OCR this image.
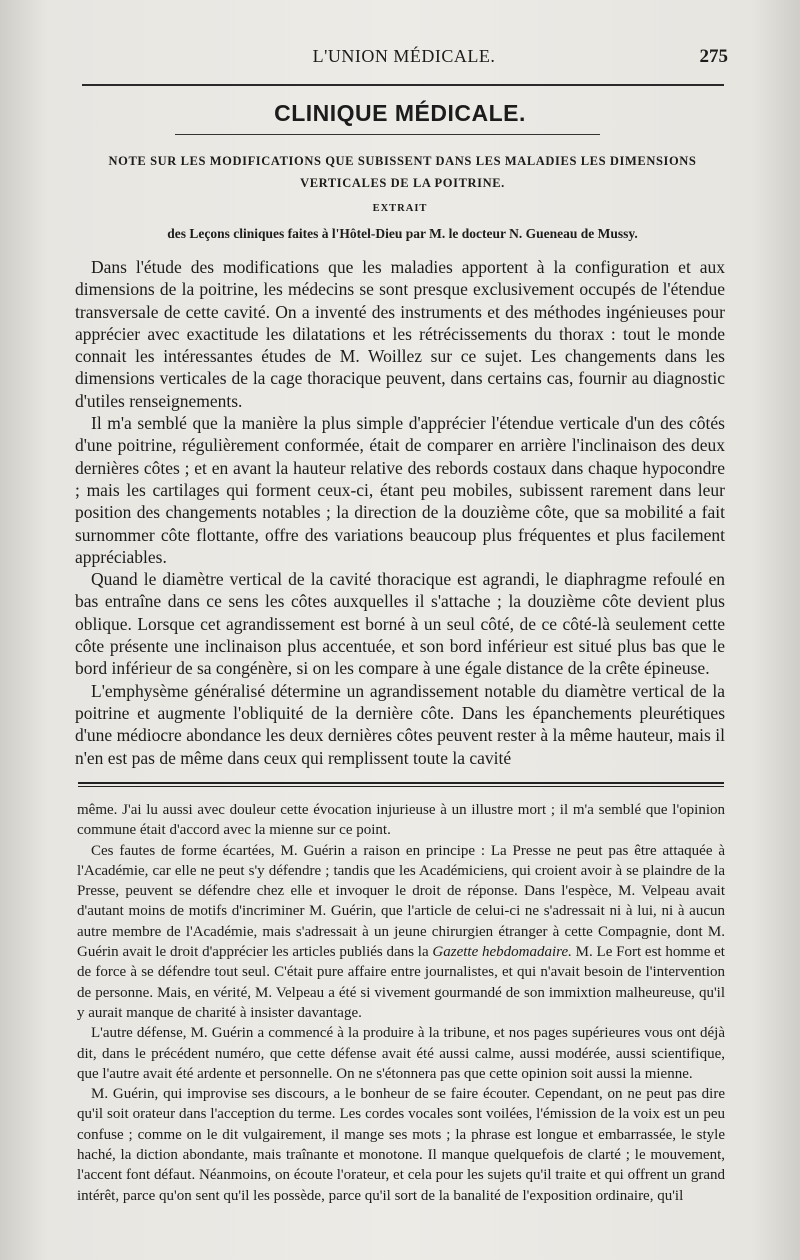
L'UNION MÉDICALE.	275
CLINIQUE MÉDICALE.
NOTE SUR LES MODIFICATIONS QUE SUBISSENT DANS LES MALADIES LES DIMENSIONS VERTICALES DE LA POITRINE.
EXTRAIT
des Leçons cliniques faites à l'Hôtel-Dieu par M. le docteur N. Gueneau de Mussy.

Dans l'étude des modifications que les maladies apportent à la configuration et aux dimensions de la poitrine, les médecins se sont presque exclusivement occupés de l'étendue transversale de cette cavité. On a inventé des instruments et des méthodes ingénieuses pour apprécier avec exactitude les dilatations et les rétrécissements du thorax : tout le monde connait les intéressantes études de M. Woillez sur ce sujet. Les changements dans les dimensions verticales de la cage thoracique peuvent, dans certains cas, fournir au diagnostic d'utiles renseignements.

Il m'a semblé que la manière la plus simple d'apprécier l'étendue verticale d'un des côtés d'une poitrine, régulièrement conformée, était de comparer en arrière l'inclinaison des deux dernières côtes ; et en avant la hauteur relative des rebords costaux dans chaque hypocondre ; mais les cartilages qui forment ceux-ci, étant peu mobiles, subissent rarement dans leur position des changements notables ; la direction de la douzième côte, que sa mobilité a fait surnommer côte flottante, offre des variations beaucoup plus fréquentes et plus facilement appréciables.

Quand le diamètre vertical de la cavité thoracique est agrandi, le diaphragme refoulé en bas entraîne dans ce sens les côtes auxquelles il s'attache ; la douzième côte devient plus oblique. Lorsque cet agrandissement est borné à un seul côté, de ce côté-là seulement cette côte présente une inclinaison plus accentuée, et son bord inférieur est situé plus bas que le bord inférieur de sa congénère, si on les compare à une égale distance de la crête épineuse.

L'emphysème généralisé détermine un agrandissement notable du diamètre vertical de la poitrine et augmente l'obliquité de la dernière côte. Dans les épanchements pleurétiques d'une médiocre abondance les deux dernières côtes peuvent rester à la même hauteur, mais il n'en est pas de même dans ceux qui remplissent toute la cavité

même. J'ai lu aussi avec douleur cette évocation injurieuse à un illustre mort ; il m'a semblé que l'opinion commune était d'accord avec la mienne sur ce point.

Ces fautes de forme écartées, M. Guérin a raison en principe : La Presse ne peut pas être attaquée à l'Académie, car elle ne peut s'y défendre ; tandis que les Académiciens, qui croient avoir à se plaindre de la Presse, peuvent se défendre chez elle et invoquer le droit de réponse. Dans l'espèce, M. Velpeau avait d'autant moins de motifs d'incriminer M. Guérin, que l'article de celui-ci ne s'adressait ni à lui, ni à aucun autre membre de l'Académie, mais s'adressait à un jeune chirurgien étranger à cette Compagnie, dont M. Guérin avait le droit d'apprécier les articles publiés dans la Gazette hebdomadaire. M. Le Fort est homme et de force à se défendre tout seul. C'était pure affaire entre journalistes, et qui n'avait besoin de l'intervention de personne. Mais, en vérité, M. Velpeau a été si vivement gourmandé de son immixtion malheureuse, qu'il y aurait manque de charité à insister davantage.

L'autre défense, M. Guérin a commencé à la produire à la tribune, et nos pages supérieures vous ont déjà dit, dans le précédent numéro, que cette défense avait été aussi calme, aussi modérée, aussi scientifique, que l'autre avait été ardente et personnelle. On ne s'étonnera pas que cette opinion soit aussi la mienne.

M. Guérin, qui improvise ses discours, a le bonheur de se faire écouter. Cependant, on ne peut pas dire qu'il soit orateur dans l'acception du terme. Les cordes vocales sont voilées, l'émission de la voix est un peu confuse ; comme on le dit vulgairement, il mange ses mots ; la phrase est longue et embarrassée, le style haché, la diction abondante, mais traînante et monotone. Il manque quelquefois de clarté ; le mouvement, l'accent font défaut. Néanmoins, on écoute l'orateur, et cela pour les sujets qu'il traite et qui offrent un grand intérêt, parce qu'on sent qu'il les possède, parce qu'il sort de la banalité de l'exposition ordinaire, qu'il
